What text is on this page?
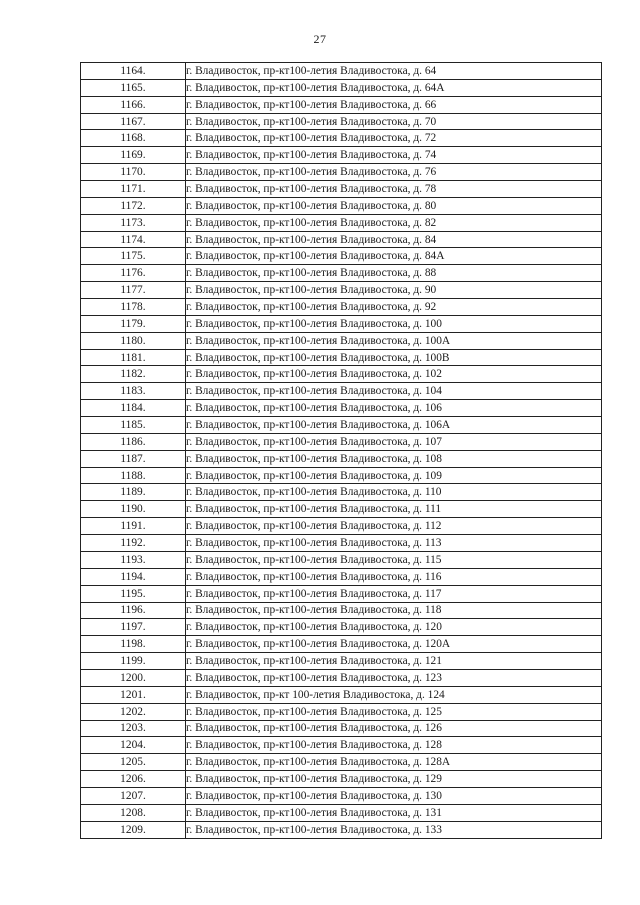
27
1164.	г. Владивосток, пр-кт100-летия Владивостока, д. 64
1165.	г. Владивосток, пр-кт100-летия Владивостока, д. 64А
1166.	г. Владивосток, пр-кт100-летия Владивостока, д. 66
1167.	г. Владивосток, пр-кт100-летия Владивостока, д. 70
1168.	г. Владивосток, пр-кт100-летия Владивостока, д. 72
1169.	г. Владивосток, пр-кт100-летия Владивостока, д. 74
1170.	г. Владивосток, пр-кт100-летия Владивостока, д. 76
1171.	г. Владивосток, пр-кт100-летия Владивостока, д. 78
1172.	г. Владивосток, пр-кт100-летия Владивостока, д. 80
1173.	г. Владивосток, пр-кт100-летия Владивостока, д. 82
1174.	г. Владивосток, пр-кт100-летия Владивостока, д. 84
1175.	г. Владивосток, пр-кт100-летия Владивостока, д. 84А
1176.	г. Владивосток, пр-кт100-летия Владивостока, д. 88
1177.	г. Владивосток, пр-кт100-летия Владивостока, д. 90
1178.	г. Владивосток, пр-кт100-летия Владивостока, д. 92
1179.	г. Владивосток, пр-кт100-летия Владивостока, д. 100
1180.	г. Владивосток, пр-кт100-летия Владивостока, д. 100А
1181.	г. Владивосток, пр-кт100-летия Владивостока, д. 100В
1182.	г. Владивосток, пр-кт100-летия Владивостока, д. 102
1183.	г. Владивосток, пр-кт100-летия Владивостока, д. 104
1184.	г. Владивосток, пр-кт100-летия Владивостока, д. 106
1185.	г. Владивосток, пр-кт100-летия Владивостока, д. 106А
1186.	г. Владивосток, пр-кт100-летия Владивостока, д. 107
1187.	г. Владивосток, пр-кт100-летия Владивостока, д. 108
1188.	г. Владивосток, пр-кт100-летия Владивостока, д. 109
1189.	г. Владивосток, пр-кт100-летия Владивостока, д. 110
1190.	г. Владивосток, пр-кт100-летия Владивостока, д. 111
1191.	г. Владивосток, пр-кт100-летия Владивостока, д. 112
1192.	г. Владивосток, пр-кт100-летия Владивостока, д. 113
1193.	г. Владивосток, пр-кт100-летия Владивостока, д. 115
1194.	г. Владивосток, пр-кт100-летия Владивостока, д. 116
1195.	г. Владивосток, пр-кт100-летия Владивостока, д. 117
1196.	г. Владивосток, пр-кт100-летия Владивостока, д. 118
1197.	г. Владивосток, пр-кт100-летия Владивостока, д. 120
1198.	г. Владивосток, пр-кт100-летия Владивостока, д. 120А
1199.	г. Владивосток, пр-кт100-летия Владивостока, д. 121
1200.	г. Владивосток, пр-кт100-летия Владивостока, д. 123
1201.	г. Владивосток, пр-кт 100-летия Владивостока, д. 124
1202.	г. Владивосток, пр-кт100-летия Владивостока, д. 125
1203.	г. Владивосток, пр-кт100-летия Владивостока, д. 126
1204.	г. Владивосток, пр-кт100-летия Владивостока, д. 128
1205.	г. Владивосток, пр-кт100-летия Владивостока, д. 128А
1206.	г. Владивосток, пр-кт100-летия Владивостока, д. 129
1207.	г. Владивосток, пр-кт100-летия Владивостока, д. 130
1208.	г. Владивосток, пр-кт100-летия Владивостока, д. 131
1209.	г. Владивосток, пр-кт100-летия Владивостока, д. 133
